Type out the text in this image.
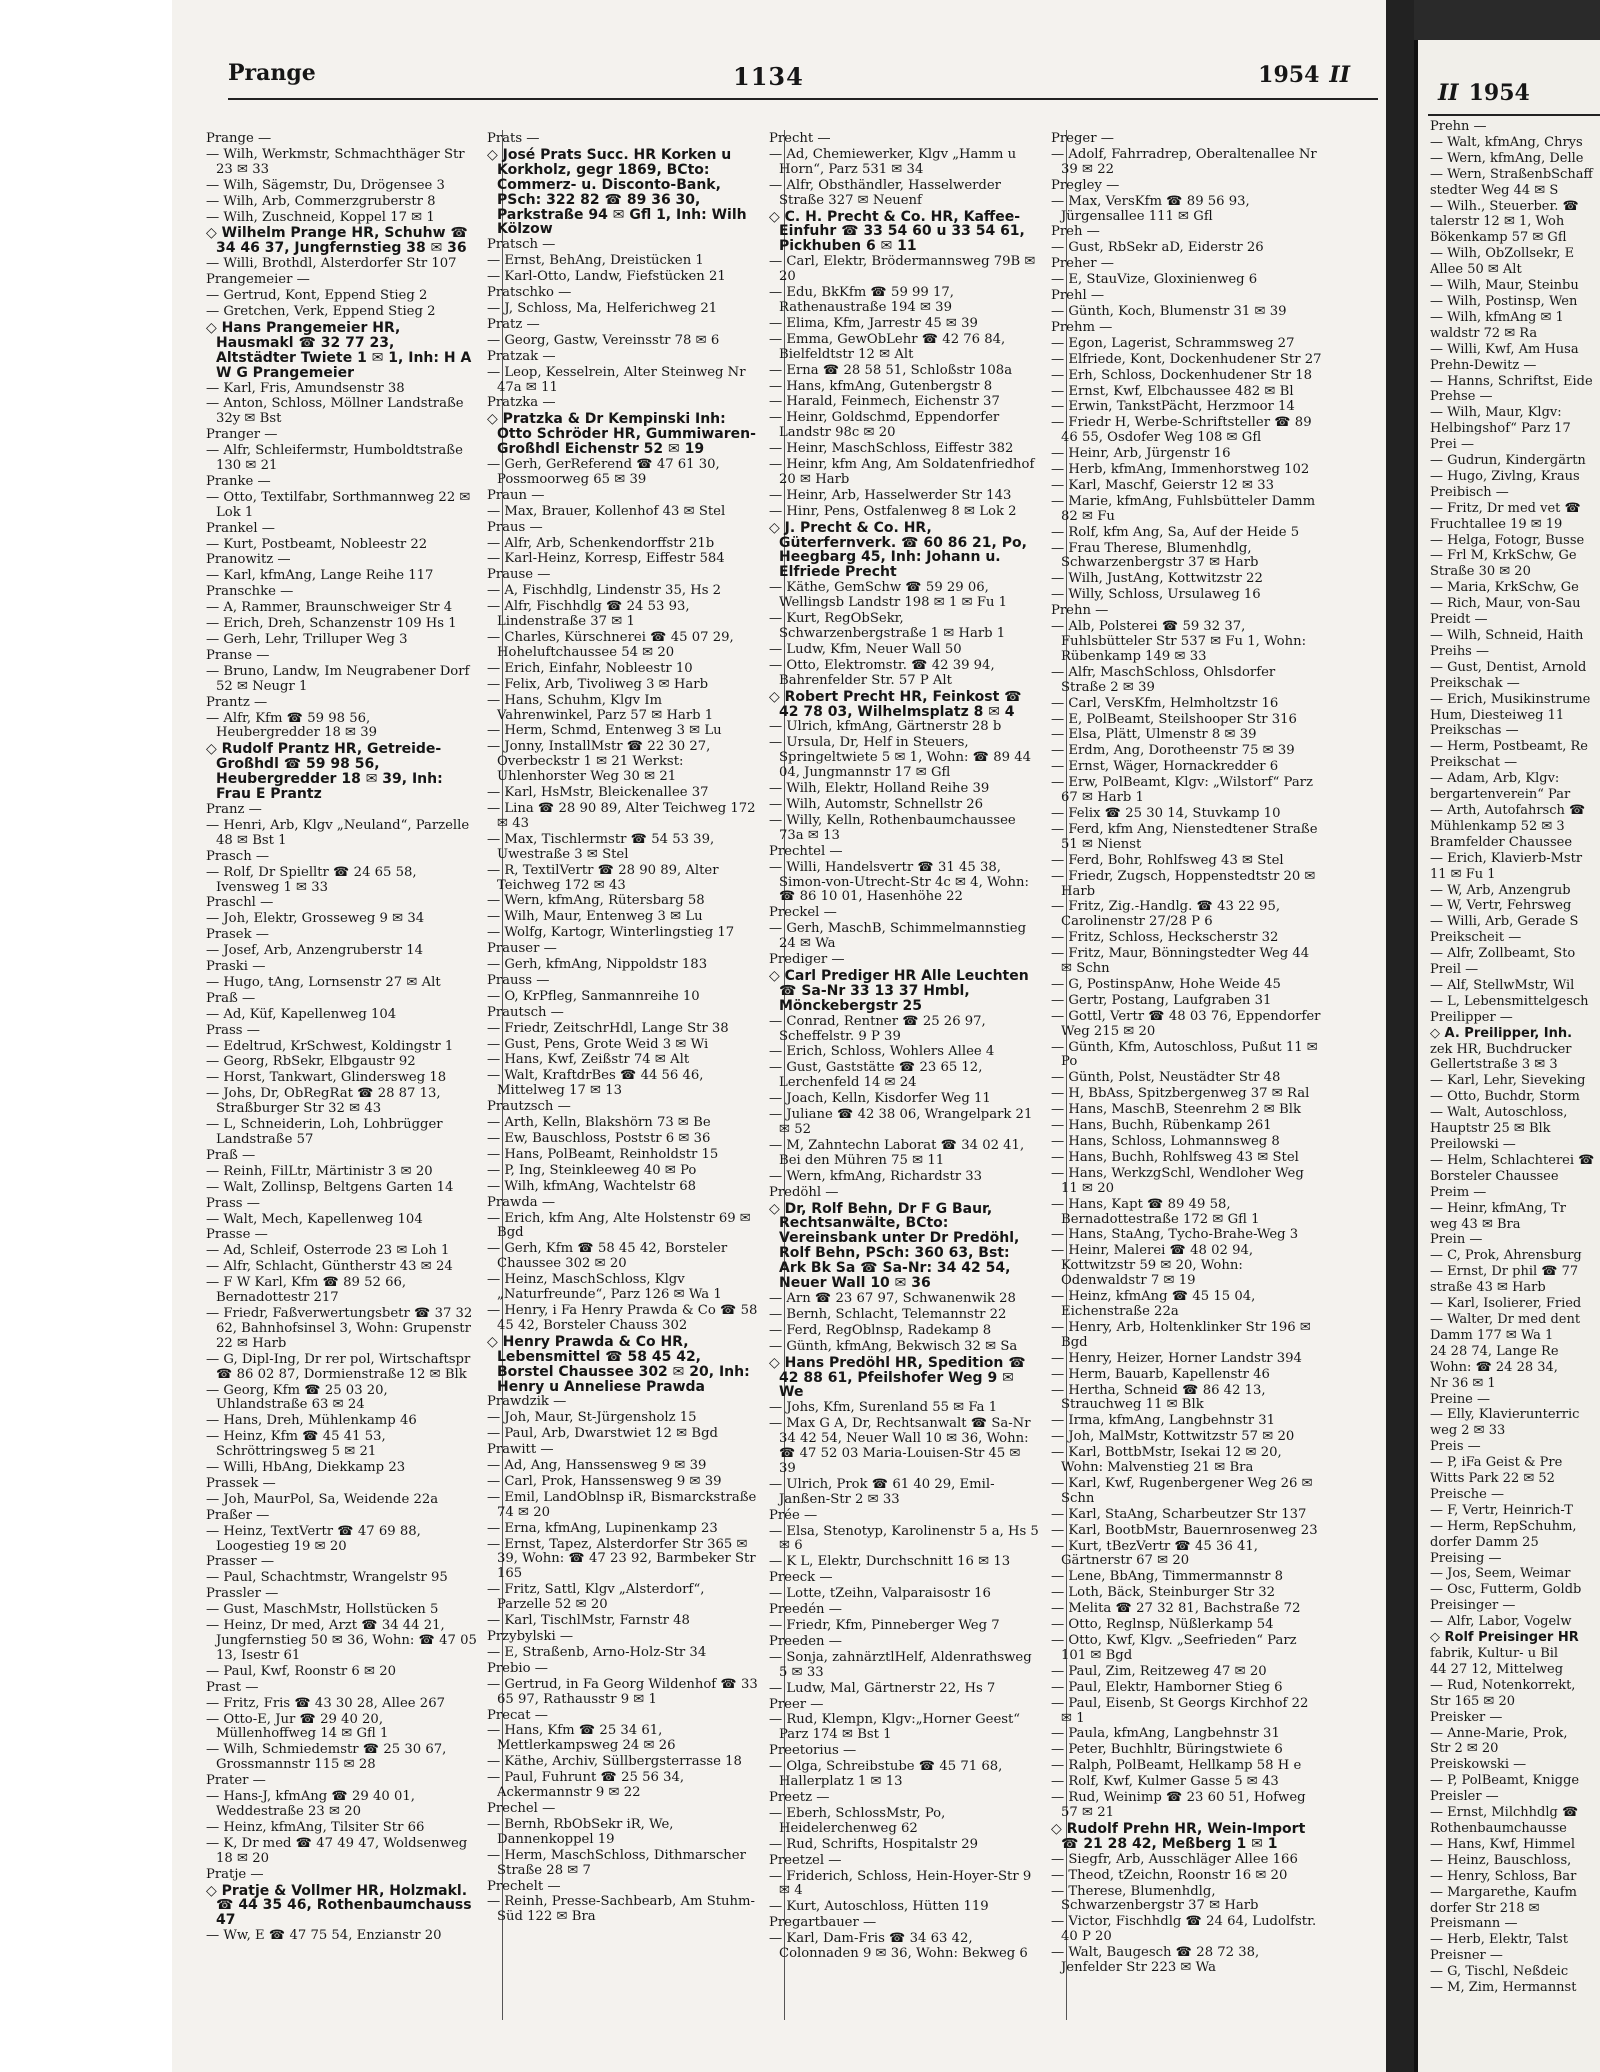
Prange	1134	1954 II
Prange —
— Wilh, Werkmstr, Schmachthäger Str 23 ✉ 33
— Wilh, Sägemstr, Du, Drögensee 3
— Wilh, Arb, Commerzgruberstr 8
— Wilh, Zuschneid, Koppel 17 ✉ 1
◇ Wilhelm Prange HR, Schuhw ☎ 34 46 37, Jungfernstieg 38 ✉ 36
— Willi, Brothdl, Alsterdorfer Str 107
Prangemeier —
— Gertrud, Kont, Eppend Stieg 2
— Gretchen, Verk, Eppend Stieg 2
◇ Hans Prangemeier HR, Hausmakl ☎ 32 77 23, Altstädter Twiete 1 ✉ 1, Inh: H A W G Prangemeier
— Karl, Fris, Amundsenstr 38
— Anton, Schloss, Möllner Landstraße 32y ✉ Bst
Pranger —
— Alfr, Schleifermstr, Humboldtstraße 130 ✉ 21
Pranke —
— Otto, Textilfabr, Sorthmannweg 22 ✉ Lok 1
Prankel —
— Kurt, Postbeamt, Nobleestr 22
Pranowitz —
— Karl, kfmAng, Lange Reihe 117
Pranschke —
— A, Rammer, Braunschweiger Str 4
— Erich, Dreh, Schanzenstr 109 Hs 1
— Gerh, Lehr, Trilluper Weg 3
Pranse —
— Bruno, Landw, Im Neugrabener Dorf 52 ✉ Neugr 1
Prantz —
— Alfr, Kfm ☎ 59 98 56, Heubergredder 18 ✉ 39
◇ Rudolf Prantz HR, Getreide-Großhdl ☎ 59 98 56, Heubergredder 18 ✉ 39, Inh: Frau E Prantz
Pranz —
— Henri, Arb, Klgv „Neuland“, Parzelle 48 ✉ Bst 1
Prasch —
— Rolf, Dr Spielltr ☎ 24 65 58, Ivensweg 1 ✉ 33
Praschl —
— Joh, Elektr, Grosseweg 9 ✉ 34
Prasek —
— Josef, Arb, Anzengruberstr 14
Praski —
— Hugo, tAng, Lornsenstr 27 ✉ Alt
Praß —
— Ad, Küf, Kapellenweg 104
Prass —
— Edeltrud, KrSchwest, Koldingstr 1
— Georg, RbSekr, Elbgaustr 92
— Horst, Tankwart, Glindersweg 18
— Johs, Dr, ObRegRat ☎ 28 87 13, Straßburger Str 32 ✉ 43
— L, Schneiderin, Loh, Lohbrügger Landstraße 57
Praß —
— Reinh, FilLtr, Märtinistr 3 ✉ 20
— Walt, Zollinsp, Beltgens Garten 14
Prass —
— Walt, Mech, Kapellenweg 104
Prasse —
— Ad, Schleif, Osterrode 23 ✉ Loh 1
— Alfr, Schlacht, Güntherstr 43 ✉ 24
— F W Karl, Kfm ☎ 89 52 66, Bernadottestr 217
— Friedr, Faßverwertungsbetr ☎ 37 32 62, Bahnhofsinsel 3, Wohn: Grupenstr 22 ✉ Harb
— G, Dipl-Ing, Dr rer pol, Wirtschaftspr ☎ 86 02 87, Dormienstraße 12 ✉ Blk
— Georg, Kfm ☎ 25 03 20, Uhlandstraße 63 ✉ 24
— Hans, Dreh, Mühlenkamp 46
— Heinz, Kfm ☎ 45 41 53, Schröttringsweg 5 ✉ 21
— Willi, HbAng, Diekkamp 23
Prassek —
— Joh, MaurPol, Sa, Weidende 22a
Praßer —
— Heinz, TextVertr ☎ 47 69 88, Loogestieg 19 ✉ 20
Prasser —
— Paul, Schachtmstr, Wrangelstr 95
Prassler —
— Gust, MaschMstr, Hollstücken 5
— Heinz, Dr med, Arzt ☎ 34 44 21, Jungfernstieg 50 ✉ 36, Wohn: ☎ 47 05 13, Isestr 61
— Paul, Kwf, Roonstr 6 ✉ 20
Prast —
— Fritz, Fris ☎ 43 30 28, Allee 267
— Otto-E, Jur ☎ 29 40 20, Müllenhoffweg 14 ✉ Gfl 1
— Wilh, Schmiedemstr ☎ 25 30 67, Grossmannstr 115 ✉ 28
Prater —
— Hans-J, kfmAng ☎ 29 40 01, Weddestraße 23 ✉ 20
— Heinz, kfmAng, Tilsiter Str 66
— K, Dr med ☎ 47 49 47, Woldsenweg 18 ✉ 20
Pratje —
◇ Pratje & Vollmer HR, Holzmakl. ☎ 44 35 46, Rothenbaumchauss 47
— Ww, E ☎ 47 75 54, Enzianstr 20
Prats —
◇ José Prats Succ. HR Korken u Korkholz, gegr 1869, BCto: Commerz- u. Disconto-Bank, PSch: 322 82 ☎ 89 36 30, Parkstraße 94 ✉ Gfl 1, Inh: Wilh Kölzow
Pratsch —
— Ernst, BehAng, Dreistücken 1
— Karl-Otto, Landw, Fiefstücken 21
Pratschko —
— J, Schloss, Ma, Helferichweg 21
Pratz —
— Georg, Gastw, Vereinsstr 78 ✉ 6
Pratzak —
— Leop, Kesselrein, Alter Steinweg Nr 47a ✉ 11
Pratzka —
◇ Pratzka & Dr Kempinski Inh: Otto Schröder HR, Gummiwaren-Großhdl Eichenstr 52 ✉ 19
— Gerh, GerReferend ☎ 47 61 30, Possmoorweg 65 ✉ 39
Praun —
— Max, Brauer, Kollenhof 43 ✉ Stel
Praus —
— Alfr, Arb, Schenkendorffstr 21b
— Karl-Heinz, Korresp, Eiffestr 584
Prause —
— A, Fischhdlg, Lindenstr 35, Hs 2
— Alfr, Fischhdlg ☎ 24 53 93, Lindenstraße 37 ✉ 1
— Charles, Kürschnerei ☎ 45 07 29, Hoheluftchaussee 54 ✉ 20
— Erich, Einfahr, Nobleestr 10
— Felix, Arb, Tivoliweg 3 ✉ Harb
— Hans, Schuhm, Klgv Im Vahrenwinkel, Parz 57 ✉ Harb 1
— Herm, Schmd, Entenweg 3 ✉ Lu
— Jonny, InstallMstr ☎ 22 30 27, Overbeckstr 1 ✉ 21 Werkst: Uhlenhorster Weg 30 ✉ 21
— Karl, HsMstr, Bleickenallee 37
— Lina ☎ 28 90 89, Alter Teichweg 172 ✉ 43
— Max, Tischlermstr ☎ 54 53 39, Uwestraße 3 ✉ Stel
— R, TextilVertr ☎ 28 90 89, Alter Teichweg 172 ✉ 43
— Wern, kfmAng, Rütersbarg 58
— Wilh, Maur, Entenweg 3 ✉ Lu
— Wolfg, Kartogr, Winterlingstieg 17
Prauser —
— Gerh, kfmAng, Nippoldstr 183
Prauss —
— O, KrPfleg, Sanmannreihe 10
Prautsch —
— Friedr, ZeitschrHdl, Lange Str 38
— Gust, Pens, Grote Weid 3 ✉ Wi
— Hans, Kwf, Zeißstr 74 ✉ Alt
— Walt, KraftdrBes ☎ 44 56 46, Mittelweg 17 ✉ 13
Prautzsch —
— Arth, Kelln, Blakshörn 73 ✉ Be
— Ew, Bauschloss, Poststr 6 ✉ 36
— Hans, PolBeamt, Reinholdstr 15
— P, Ing, Steinkleeweg 40 ✉ Po
— Wilh, kfmAng, Wachtelstr 68
Prawda —
— Erich, kfm Ang, Alte Holstenstr 69 ✉ Bgd
— Gerh, Kfm ☎ 58 45 42, Borsteler Chaussee 302 ✉ 20
— Heinz, MaschSchloss, Klgv „Naturfreunde“, Parz 126 ✉ Wa 1
— Henry, i Fa Henry Prawda & Co ☎ 58 45 42, Borsteler Chauss 302
◇ Henry Prawda & Co HR, Lebensmittel ☎ 58 45 42, Borstel Chaussee 302 ✉ 20, Inh: Henry u Anneliese Prawda
Prawdzik —
— Joh, Maur, St-Jürgensholz 15
— Paul, Arb, Dwarstwiet 12 ✉ Bgd
Prawitt —
— Ad, Ang, Hanssensweg 9 ✉ 39
— Carl, Prok, Hanssensweg 9 ✉ 39
— Emil, LandOblnsp iR, Bismarckstraße 74 ✉ 20
— Erna, kfmAng, Lupinenkamp 23
— Ernst, Tapez, Alsterdorfer Str 365 ✉ 39, Wohn: ☎ 47 23 92, Barmbeker Str 165
— Fritz, Sattl, Klgv „Alsterdorf“, Parzelle 52 ✉ 20
— Karl, TischlMstr, Farnstr 48
Przybylski —
— E, Straßenb, Arno-Holz-Str 34
Prebio —
— Gertrud, in Fa Georg Wildenhof ☎ 33 65 97, Rathausstr 9 ✉ 1
Precat —
— Hans, Kfm ☎ 25 34 61, Mettlerkampsweg 24 ✉ 26
— Käthe, Archiv, Süllbergsterrasse 18
— Paul, Fuhrunt ☎ 25 56 34, Ackermannstr 9 ✉ 22
Prechel —
— Bernh, RbObSekr iR, We, Dannenkoppel 19
— Herm, MaschSchloss, Dithmarscher Straße 28 ✉ 7
Prechelt —
— Reinh, Presse-Sachbearb, Am Stuhm-Süd 122 ✉ Bra
Precht —
— Ad, Chemiewerker, Klgv „Hamm u Horn“, Parz 531 ✉ 34
— Alfr, Obsthändler, Hasselwerder Straße 327 ✉ Neuenf
◇ C. H. Precht & Co. HR, Kaffee-Einfuhr ☎ 33 54 60 u 33 54 61, Pickhuben 6 ✉ 11
— Carl, Elektr, Brödermannsweg 79B ✉ 20
— Edu, BkKfm ☎ 59 99 17, Rathenaustraße 194 ✉ 39
— Elima, Kfm, Jarrestr 45 ✉ 39
— Emma, GewObLehr ☎ 42 76 84, Bielfeldtstr 12 ✉ Alt
— Erna ☎ 28 58 51, Schloßstr 108a
— Hans, kfmAng, Gutenbergstr 8
— Harald, Feinmech, Eichenstr 37
— Heinr, Goldschmd, Eppendorfer Landstr 98c ✉ 20
— Heinr, MaschSchloss, Eiffestr 382
— Heinr, kfm Ang, Am Soldatenfriedhof 20 ✉ Harb
— Heinr, Arb, Hasselwerder Str 143
— Hinr, Pens, Ostfalenweg 8 ✉ Lok 2
◇ J. Precht & Co. HR, Güterfernverk. ☎ 60 86 21, Po, Heegbarg 45, Inh: Johann u. Elfriede Precht
— Käthe, GemSchw ☎ 59 29 06, Wellingsb Landstr 198 ✉ 1 ✉ Fu 1
— Kurt, RegObSekr, Schwarzenbergstraße 1 ✉ Harb 1
— Ludw, Kfm, Neuer Wall 50
— Otto, Elektromstr. ☎ 42 39 94, Bahrenfelder Str. 57 P Alt
◇ Robert Precht HR, Feinkost ☎ 42 78 03, Wilhelmsplatz 8 ✉ 4
— Ulrich, kfmAng, Gärtnerstr 28 b
— Ursula, Dr, Helf in Steuers, Springeltwiete 5 ✉ 1, Wohn: ☎ 89 44 04, Jungmannstr 17 ✉ Gfl
— Wilh, Elektr, Holland Reihe 39
— Wilh, Automstr, Schnellstr 26
— Willy, Kelln, Rothenbaumchaussee 73a ✉ 13
Prechtel —
— Willi, Handelsvertr ☎ 31 45 38, Simon-von-Utrecht-Str 4c ✉ 4, Wohn: ☎ 86 10 01, Hasenhöhe 22
Preckel —
— Gerh, MaschB, Schimmelmannstieg 24 ✉ Wa
Prediger —
◇ Carl Prediger HR Alle Leuchten ☎ Sa-Nr 33 13 37 Hmbl, Mönckebergstr 25
— Conrad, Rentner ☎ 25 26 97, Scheffelstr. 9 P 39
— Erich, Schloss, Wohlers Allee 4
— Gust, Gaststätte ☎ 23 65 12, Lerchenfeld 14 ✉ 24
— Joach, Kelln, Kisdorfer Weg 11
— Juliane ☎ 42 38 06, Wrangelpark 21 ✉ 52
— M, Zahntechn Laborat ☎ 34 02 41, Bei den Mühren 75 ✉ 11
— Wern, kfmAng, Richardstr 33
Predöhl —
◇ Dr, Rolf Behn, Dr F G Baur, Rechtsanwälte, BCto: Vereinsbank unter Dr Predöhl, Rolf Behn, PSch: 360 63, Bst: Ark Bk Sa ☎ Sa-Nr: 34 42 54, Neuer Wall 10 ✉ 36
— Arn ☎ 23 67 97, Schwanenwik 28
— Bernh, Schlacht, Telemannstr 22
— Ferd, RegOblnsp, Radekamp 8
— Günth, kfmAng, Bekwisch 32 ✉ Sa
◇ Hans Predöhl HR, Spedition ☎ 42 88 61, Pfeilshofer Weg 9 ✉ We
— Johs, Kfm, Surenland 55 ✉ Fa 1
— Max G A, Dr, Rechtsanwalt ☎ Sa-Nr 34 42 54, Neuer Wall 10 ✉ 36, Wohn: ☎ 47 52 03 Maria-Louisen-Str 45 ✉ 39
— Ulrich, Prok ☎ 61 40 29, Emil-Janßen-Str 2 ✉ 33
Prée —
— Elsa, Stenotyp, Karolinenstr 5 a, Hs 5 ✉ 6
— K L, Elektr, Durchschnitt 16 ✉ 13
Preeck —
— Lotte, tZeihn, Valparaisostr 16
Preedén —
— Friedr, Kfm, Pinneberger Weg 7
Preeden —
— Sonja, zahnärztlHelf, Aldenrathsweg 5 ✉ 33
— Ludw, Mal, Gärtnerstr 22, Hs 7
Preer —
— Rud, Klempn, Klgv:„Horner Geest“ Parz 174 ✉ Bst 1
Preetorius —
— Olga, Schreibstube ☎ 45 71 68, Hallerplatz 1 ✉ 13
Preetz —
— Eberh, SchlossMstr, Po, Heidelerchenweg 62
— Rud, Schrifts, Hospitalstr 29
Preetzel —
— Friderich, Schloss, Hein-Hoyer-Str 9 ✉ 4
— Kurt, Autoschloss, Hütten 119
Pregartbauer —
— Karl, Dam-Fris ☎ 34 63 42, Colonnaden 9 ✉ 36, Wohn: Bekweg 6
Preger —
— Adolf, Fahrradrep, Oberaltenallee Nr 39 ✉ 22
Pregley —
— Max, VersKfm ☎ 89 56 93, Jürgensallee 111 ✉ Gfl
Preh —
— Gust, RbSekr aD, Eiderstr 26
Preher —
— E, StauVize, Gloxinienweg 6
Prehl —
— Günth, Koch, Blumenstr 31 ✉ 39
Prehm —
— Egon, Lagerist, Schrammsweg 27
— Elfriede, Kont, Dockenhudener Str 27
— Erh, Schloss, Dockenhudener Str 18
— Ernst, Kwf, Elbchaussee 482 ✉ Bl
— Erwin, TankstPächt, Herzmoor 14
— Friedr H, Werbe-Schriftsteller ☎ 89 46 55, Osdofer Weg 108 ✉ Gfl
— Heinr, Arb, Jürgenstr 16
— Herb, kfmAng, Immenhorstweg 102
— Karl, Maschf, Geierstr 12 ✉ 33
— Marie, kfmAng, Fuhlsbütteler Damm 82 ✉ Fu
— Rolf, kfm Ang, Sa, Auf der Heide 5
— Frau Therese, Blumenhdlg, Schwarzenbergstr 37 ✉ Harb
— Wilh, JustAng, Kottwitzstr 22
— Willy, Schloss, Ursulaweg 16
Prehn —
— Alb, Polsterei ☎ 59 32 37, Fuhlsbütteler Str 537 ✉ Fu 1, Wohn: Rübenkamp 149 ✉ 33
— Alfr, MaschSchloss, Ohlsdorfer Straße 2 ✉ 39
— Carl, VersKfm, Helmholtzstr 16
— E, PolBeamt, Steilshooper Str 316
— Elsa, Plätt, Ulmenstr 8 ✉ 39
— Erdm, Ang, Dorotheenstr 75 ✉ 39
— Ernst, Wäger, Hornackredder 6
— Erw, PolBeamt, Klgv: „Wilstorf“ Parz 67 ✉ Harb 1
— Felix ☎ 25 30 14, Stuvkamp 10
— Ferd, kfm Ang, Nienstedtener Straße 51 ✉ Nienst
— Ferd, Bohr, Rohlfsweg 43 ✉ Stel
— Friedr, Zugsch, Hoppenstedtstr 20 ✉ Harb
— Fritz, Zig.-Handlg. ☎ 43 22 95, Carolinenstr 27/28 P 6
— Fritz, Schloss, Heckscherstr 32
— Fritz, Maur, Bönningstedter Weg 44 ✉ Schn
— G, PostinspAnw, Hohe Weide 45
— Gertr, Postang, Laufgraben 31
— Gottl, Vertr ☎ 48 03 76, Eppendorfer Weg 215 ✉ 20
— Günth, Kfm, Autoschloss, Pußut 11 ✉ Po
— Günth, Polst, Neustädter Str 48
— H, BbAss, Spitzbergenweg 37 ✉ Ral
— Hans, MaschB, Steenrehm 2 ✉ Blk
— Hans, Buchh, Rübenkamp 261
— Hans, Schloss, Lohmannsweg 8
— Hans, Buchh, Rohlfsweg 43 ✉ Stel
— Hans, WerkzgSchl, Wendloher Weg 11 ✉ 20
— Hans, Kapt ☎ 89 49 58, Bernadottestraße 172 ✉ Gfl 1
— Hans, StaAng, Tycho-Brahe-Weg 3
— Heinr, Malerei ☎ 48 02 94, Kottwitzstr 59 ✉ 20, Wohn: Odenwaldstr 7 ✉ 19
— Heinz, kfmAng ☎ 45 15 04, Eichenstraße 22a
— Henry, Arb, Holtenklinker Str 196 ✉ Bgd
— Henry, Heizer, Horner Landstr 394
— Herm, Bauarb, Kapellenstr 46
— Hertha, Schneid ☎ 86 42 13, Strauchweg 11 ✉ Blk
— Irma, kfmAng, Langbehnstr 31
— Joh, MalMstr, Kottwitzstr 57 ✉ 20
— Karl, BottbMstr, Isekai 12 ✉ 20, Wohn: Malvenstieg 21 ✉ Bra
— Karl, Kwf, Rugenbergener Weg 26 ✉ Schn
— Karl, StaAng, Scharbeutzer Str 137
— Karl, BootbMstr, Bauernrosenweg 23
— Kurt, tBezVertr ☎ 45 36 41, Gärtnerstr 67 ✉ 20
— Lene, BbAng, Timmermannstr 8
— Loth, Bäck, Steinburger Str 32
— Melita ☎ 27 32 81, Bachstraße 72
— Otto, Reglnsp, Nüßlerkamp 54
— Otto, Kwf, Klgv. „Seefrieden“ Parz 101 ✉ Bgd
— Paul, Zim, Reitzeweg 47 ✉ 20
— Paul, Elektr, Hamborner Stieg 6
— Paul, Eisenb, St Georgs Kirchhof 22 ✉ 1
— Paula, kfmAng, Langbehnstr 31
— Peter, Buchhltr, Büringstwiete 6
— Ralph, PolBeamt, Hellkamp 58 H e
— Rolf, Kwf, Kulmer Gasse 5 ✉ 43
— Rud, Weinimp ☎ 23 60 51, Hofweg 57 ✉ 21
◇ Rudolf Prehn HR, Wein-Import ☎ 21 28 42, Meßberg 1 ✉ 1
— Siegfr, Arb, Ausschläger Allee 166
— Theod, tZeichn, Roonstr 16 ✉ 20
— Therese, Blumenhdlg, Schwarzenbergstr 37 ✉ Harb
— Victor, Fischhdlg ☎ 24 64, Ludolfstr. 40 P 20
— Walt, Baugesch ☎ 28 72 38, Jenfelder Str 223 ✉ Wa
II 1954
Prehn —
— Walt, kfmAng, Chrys
— Wern, kfmAng, Delle
— Wern, StraßenbSchaff
stedter Weg 44 ✉ S
— Wilh., Steuerber. ☎
talerstr 12 ✉ 1, Woh
Bökenkamp 57 ✉ Gfl
— Wilh, ObZollsekr, E
Allee 50 ✉ Alt
— Wilh, Maur, Steinbu
— Wilh, Postinsp, Wen
— Wilh, kfmAng ✉ 1
waldstr 72 ✉ Ra
— Willi, Kwf, Am Husa
Prehn-Dewitz —
— Hanns, Schriftst, Eide
Prehse —
— Wilh, Maur, Klgv:
Helbingshof“ Parz 17
Prei —
— Gudrun, Kindergärtn
— Hugo, Zivlng, Kraus
Preibisch —
— Fritz, Dr med vet ☎
Fruchtallee 19 ✉ 19
— Helga, Fotogr, Busse
— Frl M, KrkSchw, Ge
Straße 30 ✉ 20
— Maria, KrkSchw, Ge
— Rich, Maur, von-Sau
Preidt —
— Wilh, Schneid, Haith
Preihs —
— Gust, Dentist, Arnold
Preikschak —
— Erich, Musikinstrume
Hum, Diesteiweg 11
Preikschas —
— Herm, Postbeamt, Re
Preikschat —
— Adam, Arb, Klgv:
bergartenverein“ Par
— Arth, Autofahrsch ☎
Mühlenkamp 52 ✉ 3
Bramfelder Chaussee
— Erich, Klavierb-Mstr
11 ✉ Fu 1
— W, Arb, Anzengrub
— W, Vertr, Fehrsweg
— Willi, Arb, Gerade S
Preikscheit —
— Alfr, Zollbeamt, Sto
Preil —
— Alf, StellwMstr, Wil
— L, Lebensmittelgesch
Preilipper —
◇ A. Preilipper, Inh.
zek HR, Buchdrucker
Gellertstraße 3 ✉ 3
— Karl, Lehr, Sieveking
— Otto, Buchdr, Storm
— Walt, Autoschloss,
Hauptstr 25 ✉ Blk
Preilowski —
— Helm, Schlachterei ☎
Borsteler Chaussee
Preim —
— Heinr, kfmAng, Tr
weg 43 ✉ Bra
Prein —
— C, Prok, Ahrensburg
— Ernst, Dr phil ☎ 77
straße 43 ✉ Harb
— Karl, Isolierer, Fried
— Walter, Dr med dent
Damm 177 ✉ Wa 1
24 28 74, Lange Re
Wohn: ☎ 24 28 34,
Nr 36 ✉ 1
Preine —
— Elly, Klavierunterric
weg 2 ✉ 33
Preis —
— P, iFa Geist & Pre
Witts Park 22 ✉ 52
Preische —
— F, Vertr, Heinrich-T
— Herm, RepSchuhm,
dorfer Damm 25
Preising —
— Jos, Seem, Weimar
— Osc, Futterm, Goldb
Preisinger —
— Alfr, Labor, Vogelw
◇ Rolf Preisinger HR
fabrik, Kultur- u Bil
44 27 12, Mittelweg
— Rud, Notenkorrekt,
Str 165 ✉ 20
Preisker —
— Anne-Marie, Prok,
Str 2 ✉ 20
Preiskowski —
— P, PolBeamt, Knigge
Preisler —
— Ernst, Milchhdlg ☎
Rothenbaumchausse
— Hans, Kwf, Himmel
— Heinz, Bauschloss,
— Henry, Schloss, Bar
— Margarethe, Kaufm
dorfer Str 218 ✉
Preismann —
— Herb, Elektr, Talst
Preisner —
— G, Tischl, Neßdeic
— M, Zim, Hermannst
